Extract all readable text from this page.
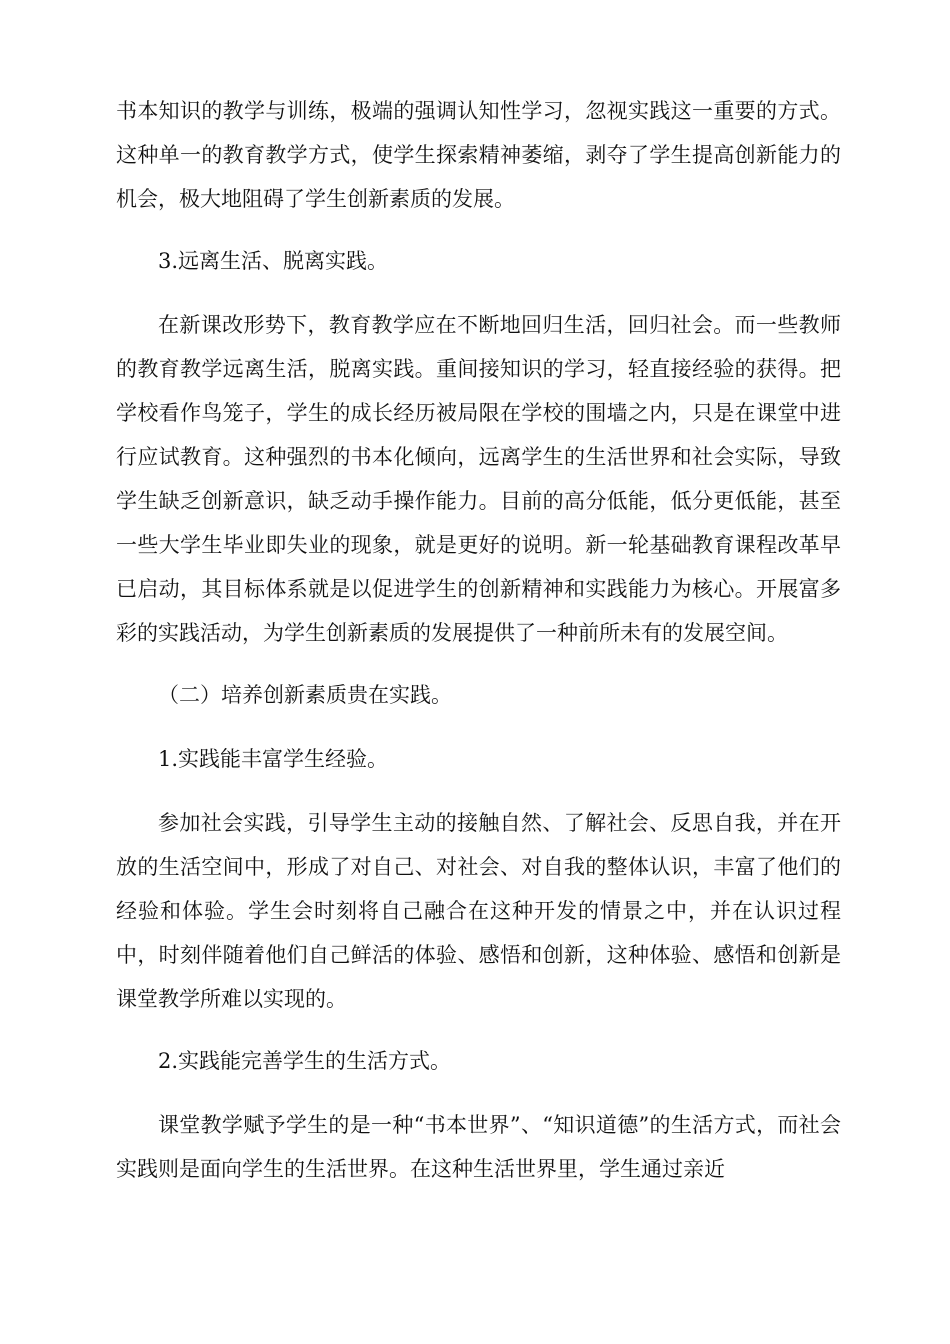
书本知识的教学与训练，极端的强调认知性学习，忽视实践这一重要的方式。这种单一的教育教学方式，使学生探索精神萎缩，剥夺了学生提高创新能力的机会，极大地阻碍了学生创新素质的发展。

3.远离生活、脱离实践。

在新课改形势下，教育教学应在不断地回归生活，回归社会。而一些教师的教育教学远离生活，脱离实践。重间接知识的学习，轻直接经验的获得。把学校看作鸟笼子，学生的成长经历被局限在学校的围墙之内，只是在课堂中进行应试教育。这种强烈的书本化倾向，远离学生的生活世界和社会实际，导致学生缺乏创新意识，缺乏动手操作能力。目前的高分低能，低分更低能，甚至一些大学生毕业即失业的现象，就是更好的说明。新一轮基础教育课程改革早已启动，其目标体系就是以促进学生的创新精神和实践能力为核心。开展富多彩的实践活动，为学生创新素质的发展提供了一种前所未有的发展空间。

（二）培养创新素质贵在实践。

1.实践能丰富学生经验。

参加社会实践，引导学生主动的接触自然、了解社会、反思自我，并在开放的生活空间中，形成了对自己、对社会、对自我的整体认识，丰富了他们的经验和体验。学生会时刻将自己融合在这种开发的情景之中，并在认识过程中，时刻伴随着他们自己鲜活的体验、感悟和创新，这种体验、感悟和创新是课堂教学所难以实现的。

2.实践能完善学生的生活方式。

课堂教学赋予学生的是一种“书本世界”、“知识道德”的生活方式，而社会实践则是面向学生的生活世界。在这种生活世界里，学生通过亲近
